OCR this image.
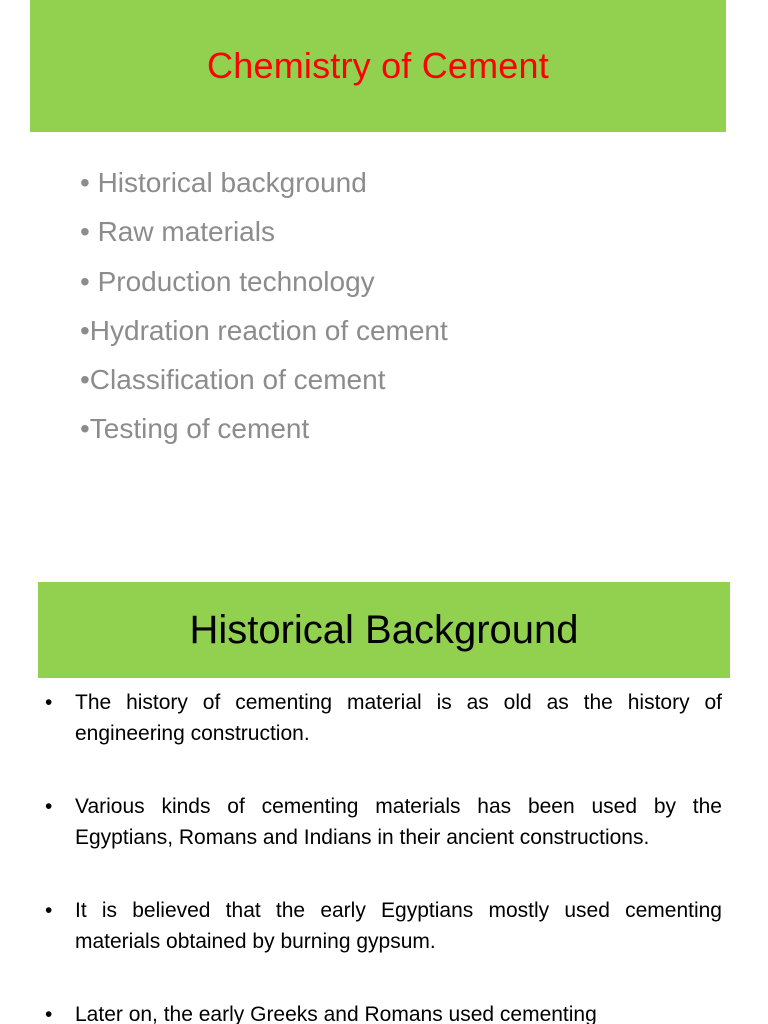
Chemistry of Cement
• Historical background
• Raw materials
• Production technology
•Hydration reaction of cement
•Classification of cement
•Testing of cement
Historical Background
• The history of cementing material is as old as the history of engineering construction.
• Various kinds of cementing materials has been used by the Egyptians, Romans and Indians in their ancient constructions.
• It is believed that the early Egyptians mostly used cementing materials obtained by burning gypsum.
• Later on, the early Greeks and Romans used cementing
